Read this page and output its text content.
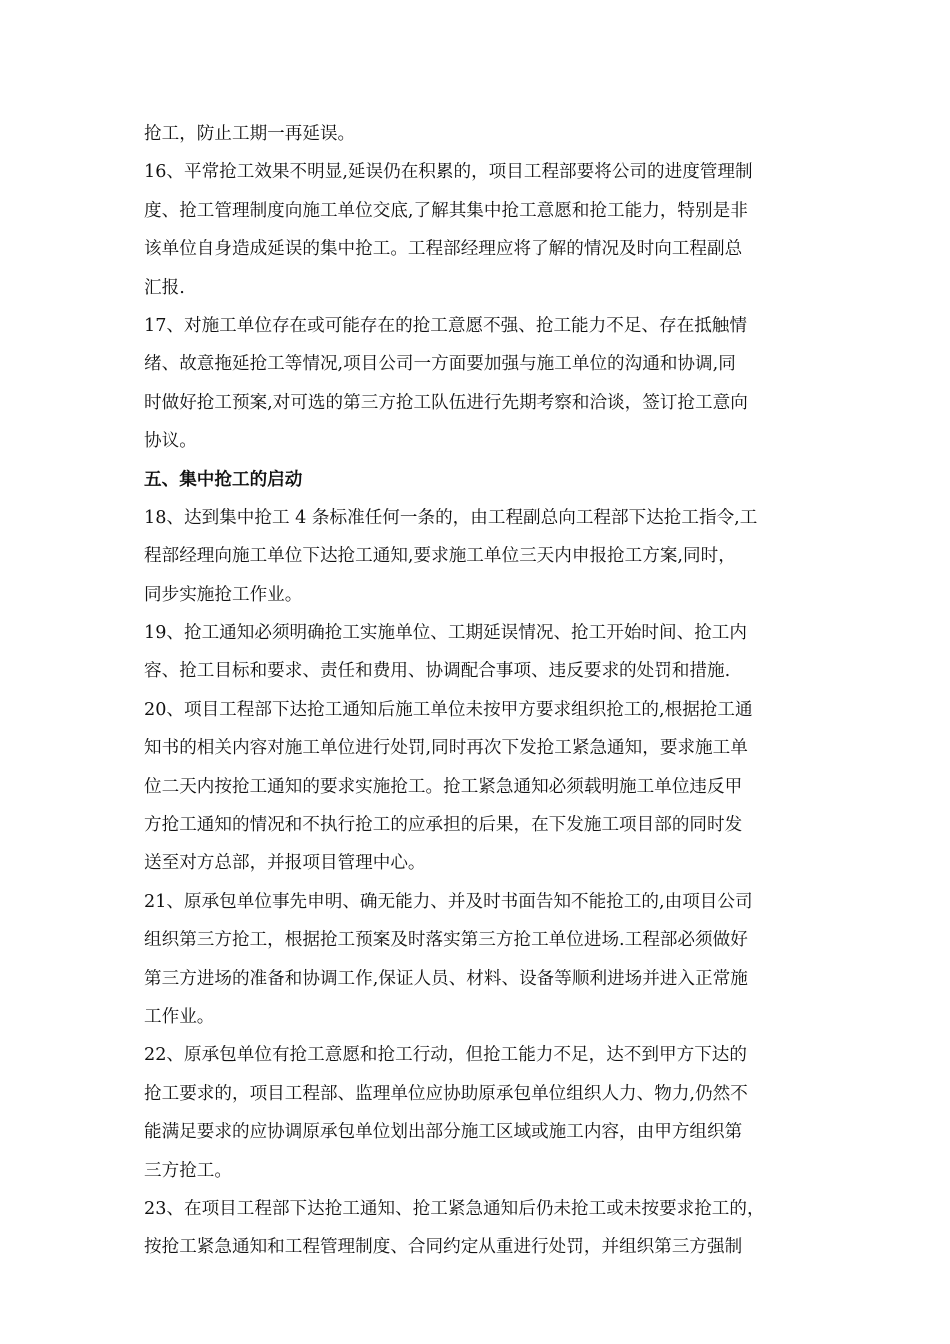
抢工，防止工期一再延误。
16、平常抢工效果不明显,延误仍在积累的，项目工程部要将公司的进度管理制
度、抢工管理制度向施工单位交底,了解其集中抢工意愿和抢工能力，特别是非
该单位自身造成延误的集中抢工。工程部经理应将了解的情况及时向工程副总
汇报.
17、对施工单位存在或可能存在的抢工意愿不强、抢工能力不足、存在抵触情
绪、故意拖延抢工等情况,项目公司一方面要加强与施工单位的沟通和协调,同
时做好抢工预案,对可选的第三方抢工队伍进行先期考察和洽谈，签订抢工意向
协议。
五、集中抢工的启动
18、达到集中抢工 4 条标准任何一条的，由工程副总向工程部下达抢工指令,工
程部经理向施工单位下达抢工通知,要求施工单位三天内申报抢工方案,同时，
同步实施抢工作业。
19、抢工通知必须明确抢工实施单位、工期延误情况、抢工开始时间、抢工内
容、抢工目标和要求、责任和费用、协调配合事项、违反要求的处罚和措施.
20、项目工程部下达抢工通知后施工单位未按甲方要求组织抢工的,根据抢工通
知书的相关内容对施工单位进行处罚,同时再次下发抢工紧急通知，要求施工单
位二天内按抢工通知的要求实施抢工。抢工紧急通知必须载明施工单位违反甲
方抢工通知的情况和不执行抢工的应承担的后果，在下发施工项目部的同时发
送至对方总部，并报项目管理中心。
21、原承包单位事先申明、确无能力、并及时书面告知不能抢工的,由项目公司
组织第三方抢工，根据抢工预案及时落实第三方抢工单位进场.工程部必须做好
第三方进场的准备和协调工作,保证人员、材料、设备等顺利进场并进入正常施
工作业。
22、原承包单位有抢工意愿和抢工行动，但抢工能力不足，达不到甲方下达的
抢工要求的，项目工程部、监理单位应协助原承包单位组织人力、物力,仍然不
能满足要求的应协调原承包单位划出部分施工区域或施工内容，由甲方组织第
三方抢工。
23、在项目工程部下达抢工通知、抢工紧急通知后仍未抢工或未按要求抢工的，
按抢工紧急通知和工程管理制度、合同约定从重进行处罚，并组织第三方强制
